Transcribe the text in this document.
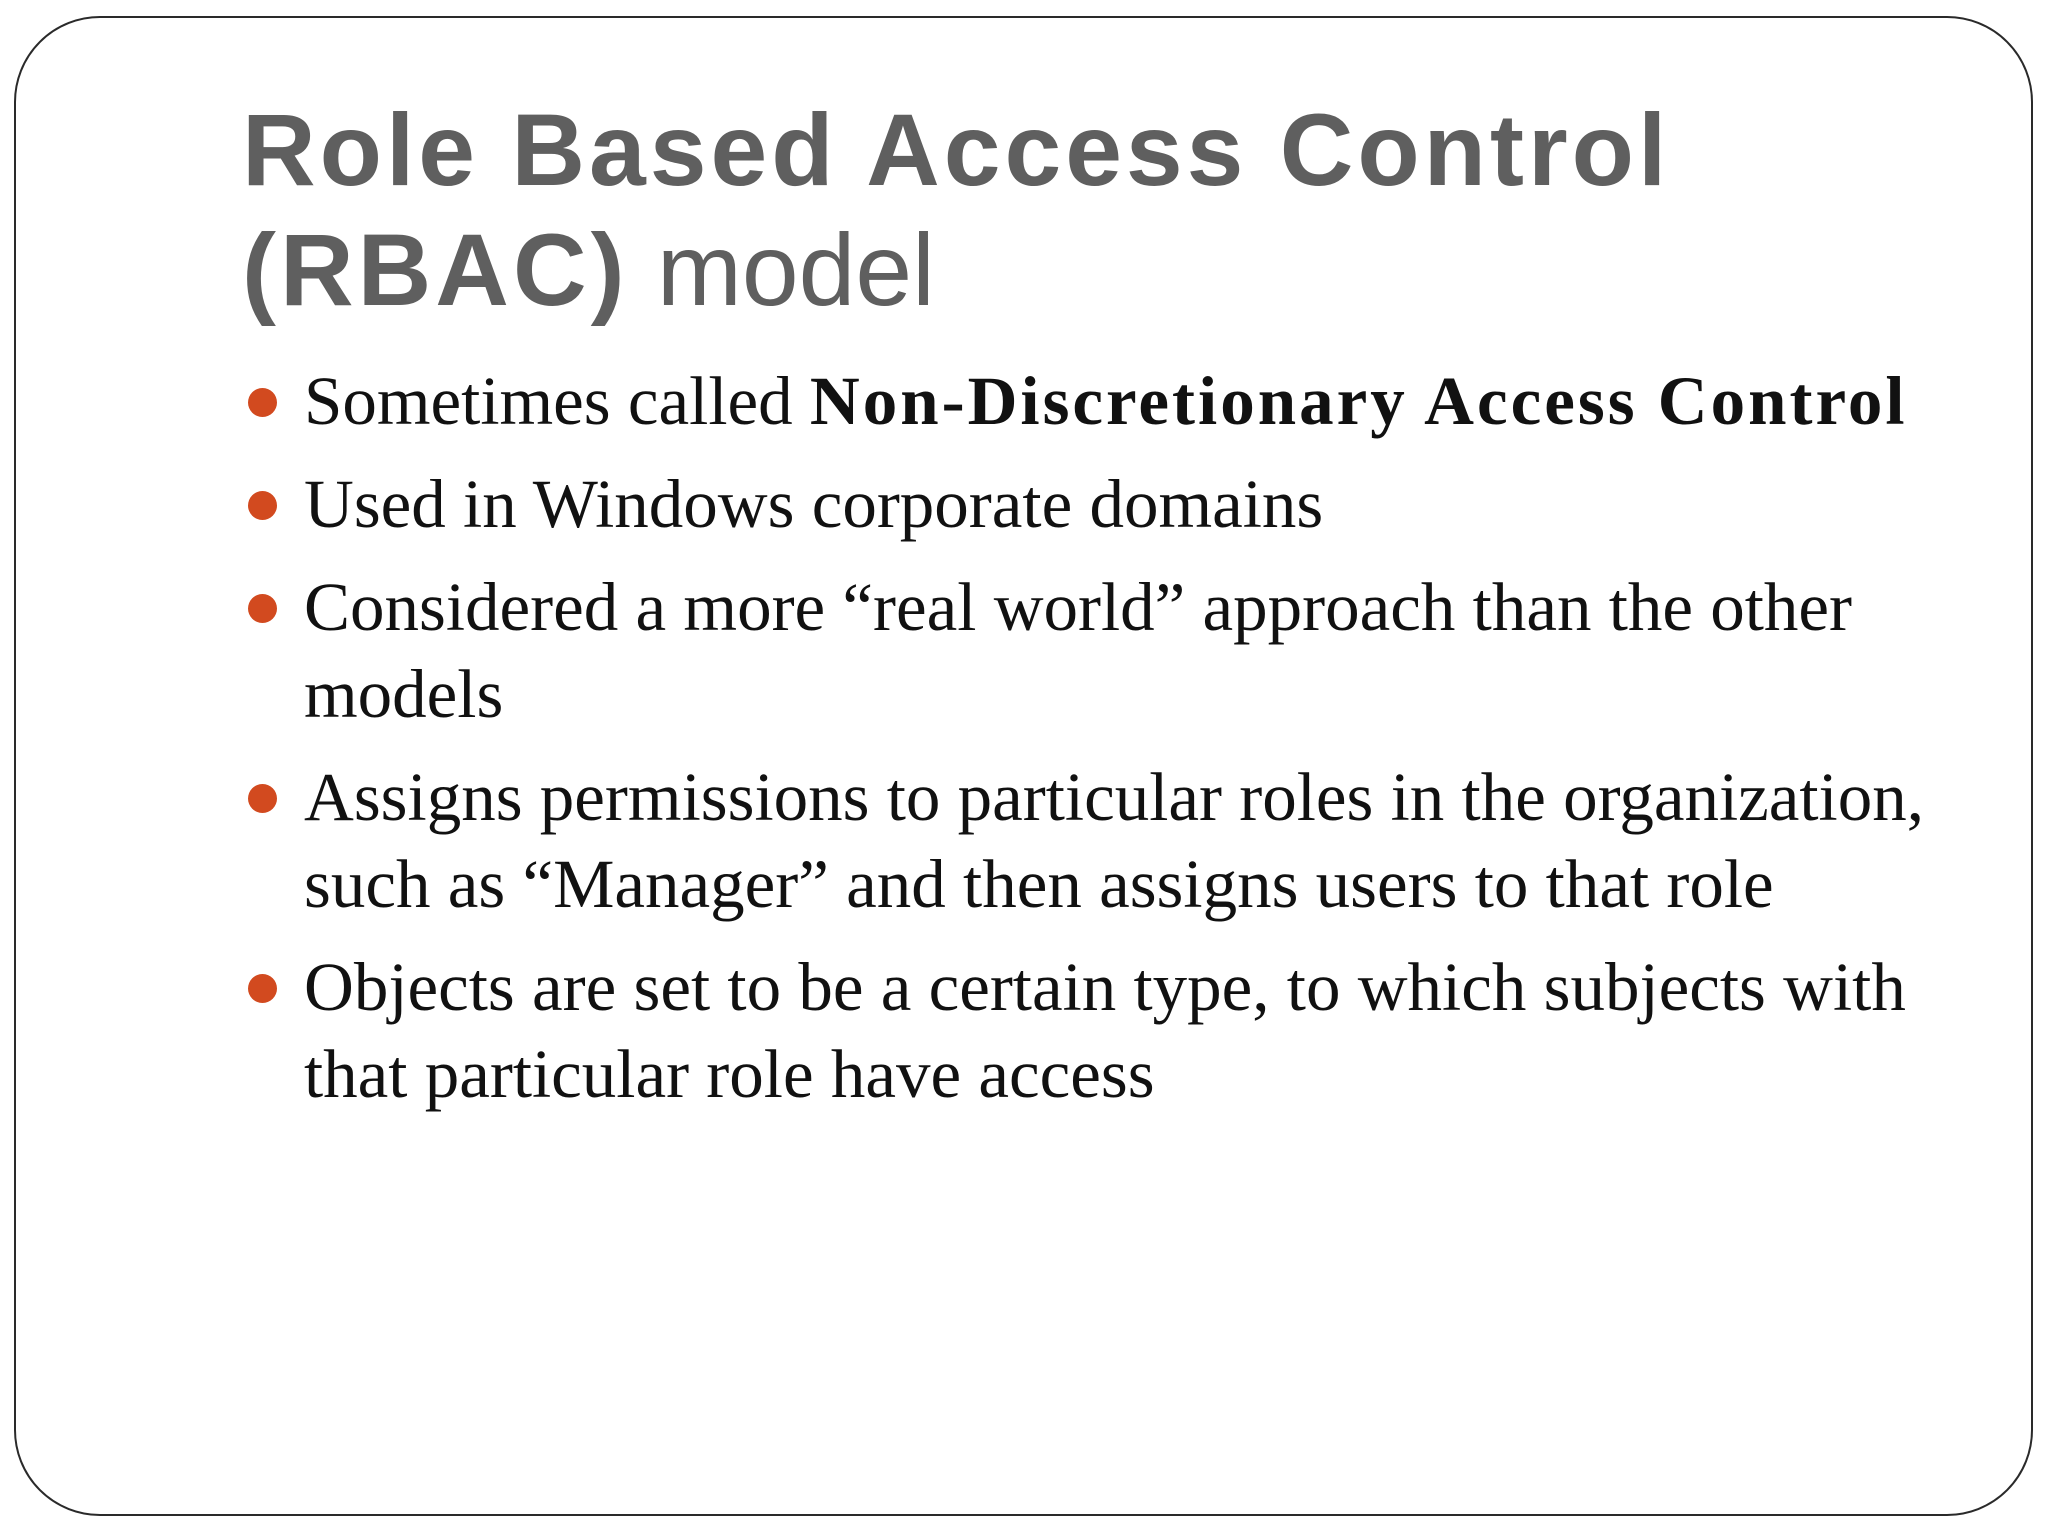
Role Based Access Control
(RBAC) model
Sometimes called Non-Discretionary Access Control
Used in Windows corporate domains
Considered a more “real world” approach than the other models
Assigns permissions to particular roles in the organization, such as “Manager” and then assigns users to that role
Objects are set to be a certain type, to which subjects with that particular role have access
